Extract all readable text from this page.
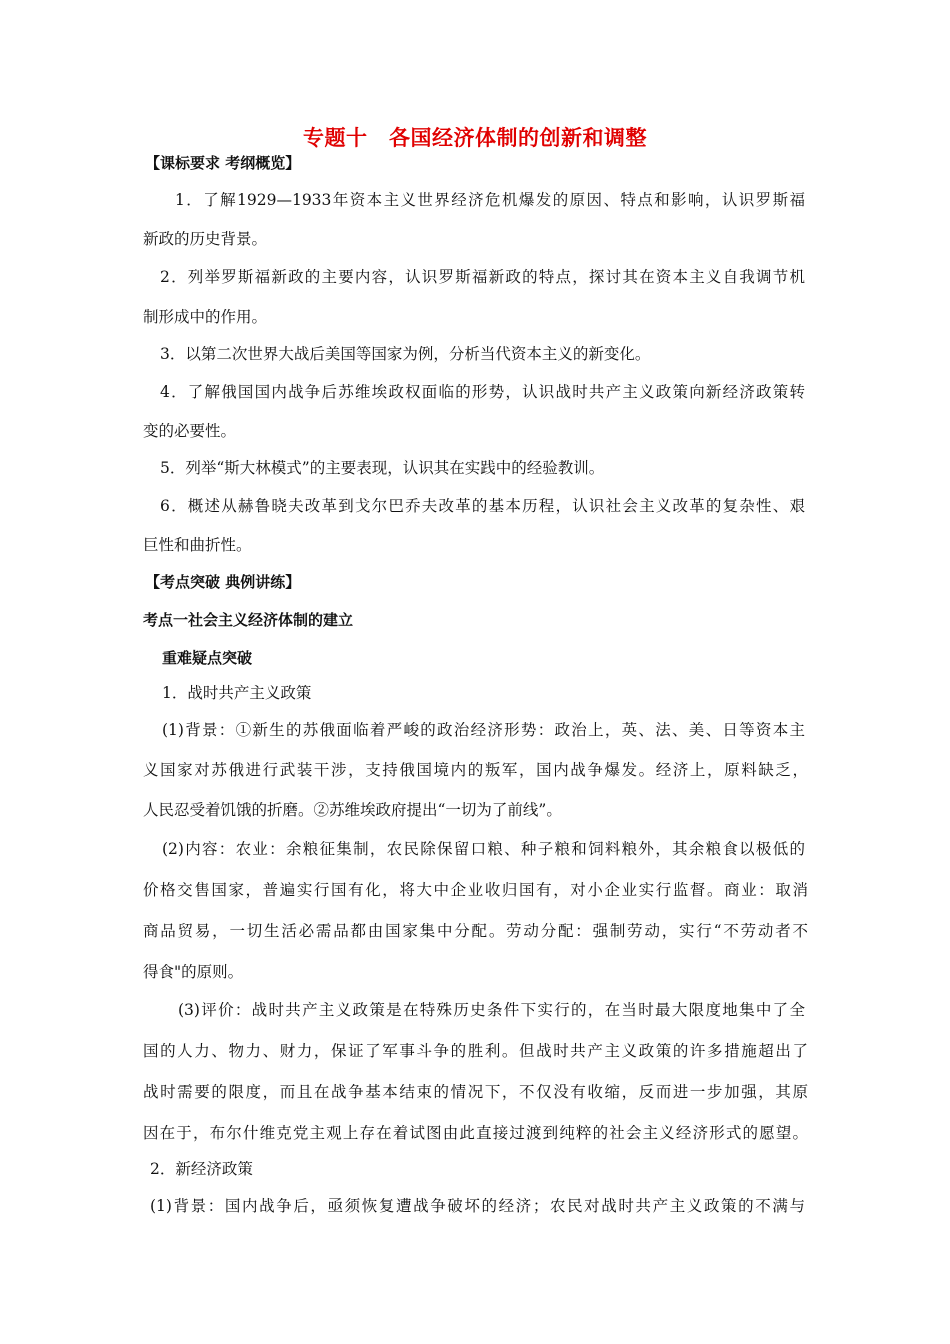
专题十　各国经济体制的创新和调整
【课标要求 考纲概览】
1．了解1929—1933年资本主义世界经济危机爆发的原因、特点和影响，认识罗斯福
新政的历史背景。
2．列举罗斯福新政的主要内容，认识罗斯福新政的特点，探讨其在资本主义自我调节机
制形成中的作用。
3．以第二次世界大战后美国等国家为例，分析当代资本主义的新变化。
4．了解俄国国内战争后苏维埃政权面临的形势，认识战时共产主义政策向新经济政策转
变的必要性。
5．列举“斯大林模式”的主要表现，认识其在实践中的经验教训。
6．概述从赫鲁晓夫改革到戈尔巴乔夫改革的基本历程，认识社会主义改革的复杂性、艰
巨性和曲折性。
【考点突破 典例讲练】
考点一社会主义经济体制的建立
重难疑点突破
1．战时共产主义政策
(1)背景：①新生的苏俄面临着严峻的政治经济形势：政治上，英、法、美、日等资本主
义国家对苏俄进行武装干涉，支持俄国境内的叛军，国内战争爆发。经济上，原料缺乏，
人民忍受着饥饿的折磨。②苏维埃政府提出“一切为了前线”。
(2)内容：农业：余粮征集制，农民除保留口粮、种子粮和饲料粮外，其余粮食以极低的
价格交售国家，普遍实行国有化，将大中企业收归国有，对小企业实行监督。商业：取消
商品贸易，一切生活必需品都由国家集中分配。劳动分配：强制劳动，实行“不劳动者不
得食"的原则。
(3)评价：战时共产主义政策是在特殊历史条件下实行的，在当时最大限度地集中了全
国的人力、物力、财力，保证了军事斗争的胜利。但战时共产主义政策的许多措施超出了
战时需要的限度，而且在战争基本结束的情况下，不仅没有收缩，反而进一步加强，其原
因在于，布尔什维克党主观上存在着试图由此直接过渡到纯粹的社会主义经济形式的愿望。
2．新经济政策
(1)背景：国内战争后，亟须恢复遭战争破坏的经济；农民对战时共产主义政策的不满与
